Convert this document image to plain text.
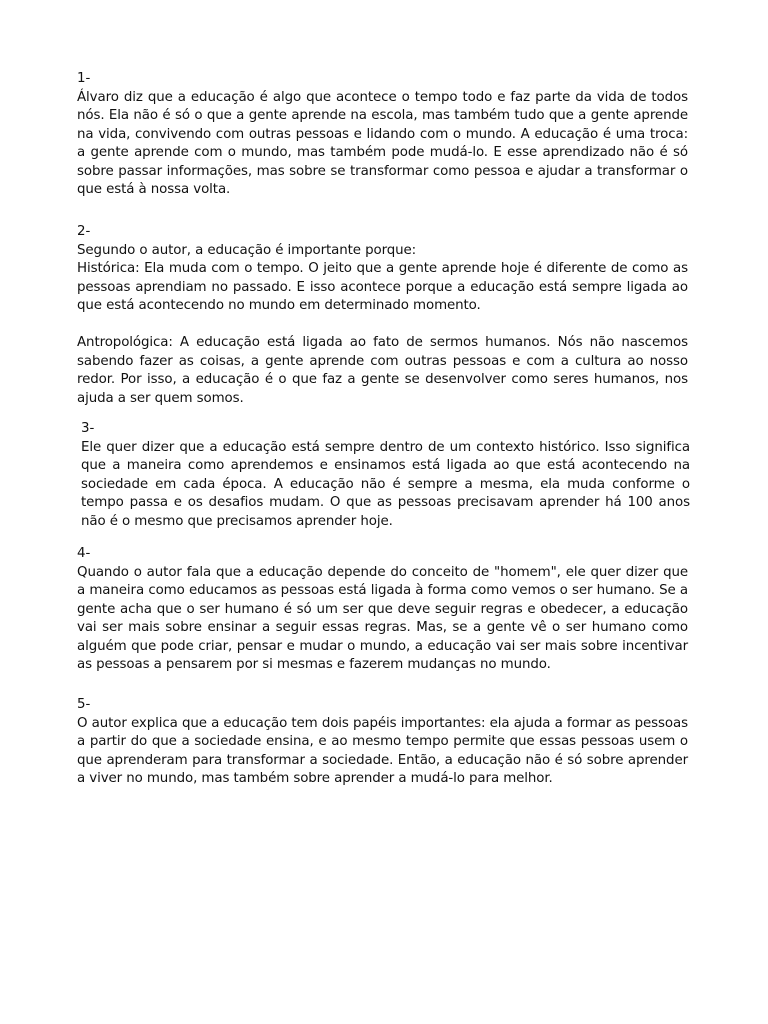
1-

Álvaro diz que a educação é algo que acontece o tempo todo e faz parte da vida de todos nós. Ela não é só o que a gente aprende na escola, mas também tudo que a gente aprende na vida, convivendo com outras pessoas e lidando com o mundo. A educação é uma troca: a gente aprende com o mundo, mas também pode mudá-lo. E esse aprendizado não é só sobre passar informações, mas sobre se transformar como pessoa e ajudar a transformar o que está à nossa volta.

2-

Segundo o autor, a educação é importante porque:

Histórica: Ela muda com o tempo. O jeito que a gente aprende hoje é diferente de como as pessoas aprendiam no passado. E isso acontece porque a educação está sempre ligada ao que está acontecendo no mundo em determinado momento.

Antropológica: A educação está ligada ao fato de sermos humanos. Nós não nascemos sabendo fazer as coisas, a gente aprende com outras pessoas e com a cultura ao nosso redor. Por isso, a educação é o que faz a gente se desenvolver como seres humanos, nos ajuda a ser quem somos.

3-

Ele quer dizer que a educação está sempre dentro de um contexto histórico. Isso significa que a maneira como aprendemos e ensinamos está ligada ao que está acontecendo na sociedade em cada época. A educação não é sempre a mesma, ela muda conforme o tempo passa e os desafios mudam. O que as pessoas precisavam aprender há 100 anos não é o mesmo que precisamos aprender hoje.

4-

Quando o autor fala que a educação depende do conceito de "homem", ele quer dizer que a maneira como educamos as pessoas está ligada à forma como vemos o ser humano. Se a gente acha que o ser humano é só um ser que deve seguir regras e obedecer, a educação vai ser mais sobre ensinar a seguir essas regras. Mas, se a gente vê o ser humano como alguém que pode criar, pensar e mudar o mundo, a educação vai ser mais sobre incentivar as pessoas a pensarem por si mesmas e fazerem mudanças no mundo.

5-

O autor explica que a educação tem dois papéis importantes: ela ajuda a formar as pessoas a partir do que a sociedade ensina, e ao mesmo tempo permite que essas pessoas usem o que aprenderam para transformar a sociedade. Então, a educação não é só sobre aprender a viver no mundo, mas também sobre aprender a mudá-lo para melhor.
